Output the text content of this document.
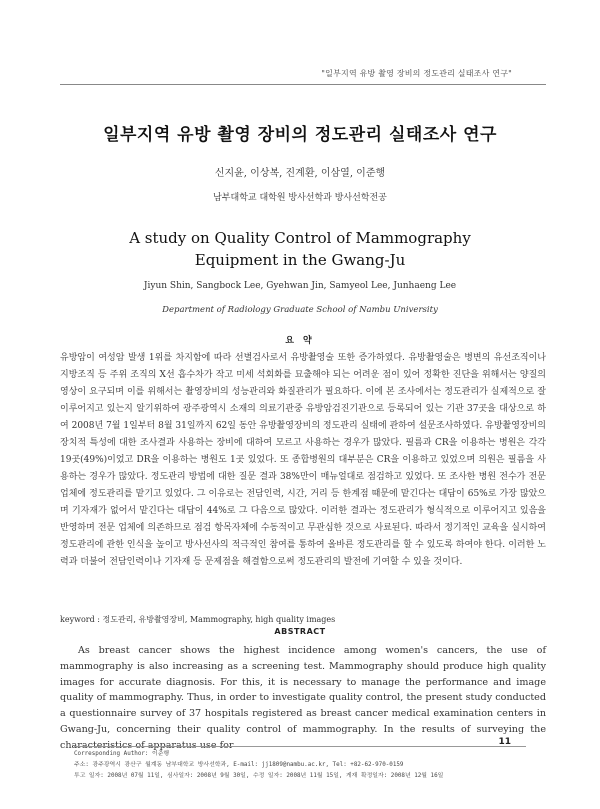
"일부지역 유방 촬영 장비의 정도관리 실태조사 연구"
일부지역 유방 촬영 장비의 정도관리 실태조사 연구
신지윤, 이상복, 진계환, 이삼열, 이준행
남부대학교 대학원 방사선학과 방사선학전공
A study on Quality Control of Mammography Equipment in the Gwang-Ju
Jiyun Shin, Sangbock Lee, Gyehwan Jin, Samyeol Lee, Junhaeng Lee
Department of Radiology Graduate School of Nambu University
요 약

유방암이 여성암 발생 1위를 차지함에 따라 선별검사로서 유방촬영술 또한 증가하였다. 유방촬영술은 병변의 유선조직이나 지방조직 등 주위 조직의 X선 흡수차가 작고 미세 석회화를 묘출해야 되는 어려운 점이 있어 정확한 진단을 위해서는 양질의 영상이 요구되며 이를 위해서는 촬영장비의 성능관리와 화질관리가 필요하다. 이에 본 조사에서는 정도관리가 실제적으로 잘 이루어지고 있는지 알기위하여 광주광역시 소재의 의료기관중 유방암검진기관으로 등록되어 있는 기관 37곳을 대상으로 하여 2008년 7월 1일부터 8월 31일까지 62일 동안 유방촬영장비의 정도관리 실태에 관하여 설문조사하였다. 유방촬영장비의 장치적 특성에 대한 조사결과 사용하는 장비에 대하여 모르고 사용하는 경우가 많았다. 필름과 CR을 이용하는 병원은 각각 19곳(49%)이었고 DR을 이용하는 병원도 1곳 있었다. 또 종합병원의 대부분은 CR을 이용하고 있었으며 의원은 필름을 사용하는 경우가 많았다. 정도관리 방법에 대한 질문 결과 38%만이 매뉴얼대로 점검하고 있었다. 또 조사한 병원 전수가 전문 업체에 정도관리를 맡기고 있었다. 그 이유로는 전담인력, 시간, 거리 등 한계점 때문에 맡긴다는 대답이 65%로 가장 많았으며 기자재가 없어서 맡긴다는 대답이 44%로 그 다음으로 많았다. 이러한 결과는 정도관리가 형식적으로 이루어지고 있음을 반영하며 전문 업체에 의존하므로 점검 항목자체에 수동적이고 무관심한 것으로 사료된다. 따라서 정기적인 교육을 실시하여 정도관리에 관한 인식을 높이고 방사선사의 적극적인 참여를 통하여 올바른 정도관리를 할 수 있도록 하여야 한다. 이러한 노력과 더불어 전담인력이나 기자재 등 문제점을 해결함으로써 정도관리의 발전에 기여할 수 있을 것이다.

keyword : 정도관리, 유방촬영장비, Mammography, high quality images
ABSTRACT

As breast cancer shows the highest incidence among women's cancers, the use of mammography is also increasing as a screening test. Mammography should produce high quality images for accurate diagnosis. For this, it is necessary to manage the performance and image quality of mammography. Thus, in order to investigate quality control, the present study conducted a questionnaire survey of 37 hospitals registered as breast cancer medical examination centers in Gwang-Ju, concerning their quality control of mammography. In the results of surveying the characteristics of apparatus use for	11
Corresponding Author: 이준행
주소: 광주광역시 광산구 월계동 남부대학교 방사선학과, E-mail: jj1809@nambu.ac.kr, Tel: +82-62-970-0159
투고 일자: 2008년 07월 11일, 심사일자: 2008년 9월 30일, 수정 일자: 2008년 11월 15일, 게재 확정일자: 2008년 12월 16일
